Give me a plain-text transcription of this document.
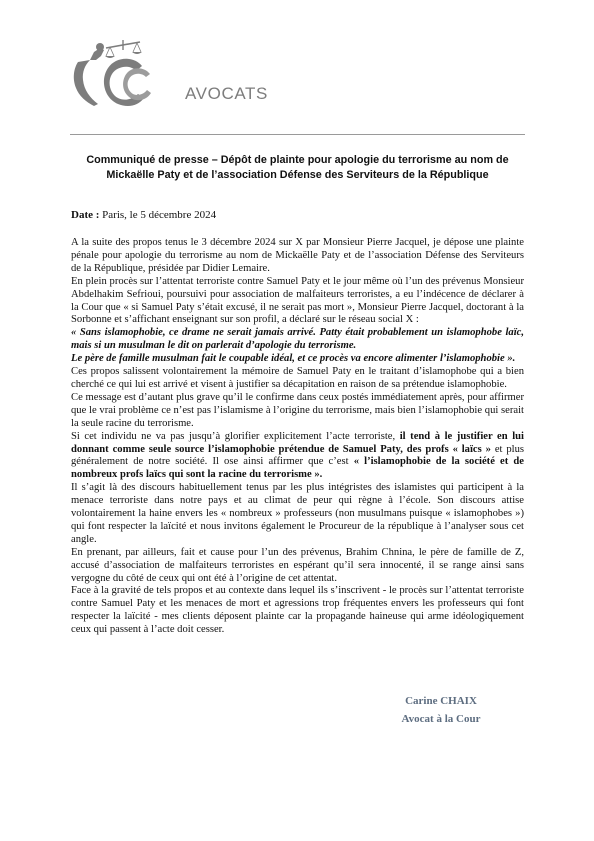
AVOCATS
Communiqué de presse – Dépôt de plainte pour apologie du terrorisme au nom de
Mickaëlle Paty et de l’association Défense des Serviteurs de la République
Date : Paris, le 5 décembre 2024

A la suite des propos tenus le 3 décembre 2024 sur X par Monsieur Pierre Jacquel, je dépose une plainte pénale pour apologie du terrorisme au nom de Mickaëlle Paty et de l’association Défense des Serviteurs de la République, présidée par Didier Lemaire.

En plein procès sur l’attentat terroriste contre Samuel Paty et le jour même où l’un des prévenus Monsieur Abdelhakim Sefrioui, poursuivi pour association de malfaiteurs terroristes, a eu l’indécence de déclarer à la Cour que « si Samuel Paty s’était excusé, il ne serait pas mort », Monsieur Pierre Jacquel, doctorant à la Sorbonne et s’affichant enseignant sur son profil, a déclaré sur le réseau social X :

« Sans islamophobie, ce drame ne serait jamais arrivé. Patty était probablement un islamophobe laïc, mais si un musulman le dit on parlerait d’apologie du terrorisme.

Le père de famille musulman fait le coupable idéal, et ce procès va encore alimenter l’islamophobie ».

Ces propos salissent volontairement la mémoire de Samuel Paty en le traitant d’islamophobe qui a bien cherché ce qui lui est arrivé et visent à justifier sa décapitation en raison de sa prétendue islamophobie.

Ce message est d’autant plus grave qu’il le confirme dans ceux postés immédiatement après, pour affirmer que le vrai problème ce n’est pas l’islamisme à l’origine du terrorisme, mais bien l’islamophobie qui serait la seule racine du terrorisme.

Si cet individu ne va pas jusqu’à glorifier explicitement l’acte terroriste, il tend à le justifier en lui donnant comme seule source l’islamophobie prétendue de Samuel Paty, des profs « laïcs » et plus généralement de notre société. Il ose ainsi affirmer que c’est « l’islamophobie de la société et de nombreux profs laïcs qui sont la racine du terrorisme ».

Il s’agit là des discours habituellement tenus par les plus intégristes des islamistes qui participent à la menace terroriste dans notre pays et au climat de peur qui règne à l’école. Son discours attise volontairement la haine envers les « nombreux » professeurs (non musulmans puisque « islamophobes ») qui font respecter la laïcité et nous invitons également le Procureur de la république à l’analyser sous cet angle.

En prenant, par ailleurs, fait et cause pour l’un des prévenus, Brahim Chnina, le père de famille de Z, accusé d’association de malfaiteurs terroristes en espérant qu’il sera innocenté, il se range ainsi sans vergogne du côté de ceux qui ont été à l’origine de cet attentat.

Face à la gravité de tels propos et au contexte dans lequel ils s’inscrivent - le procès sur l’attentat terroriste contre Samuel Paty et les menaces de mort et agressions trop fréquentes envers les professeurs qui font respecter la laïcité - mes clients déposent plainte car la propagande haineuse qui arme idéologiquement ceux qui passent à l’acte doit cesser.

Carine CHAIX
Avocat à la Cour
